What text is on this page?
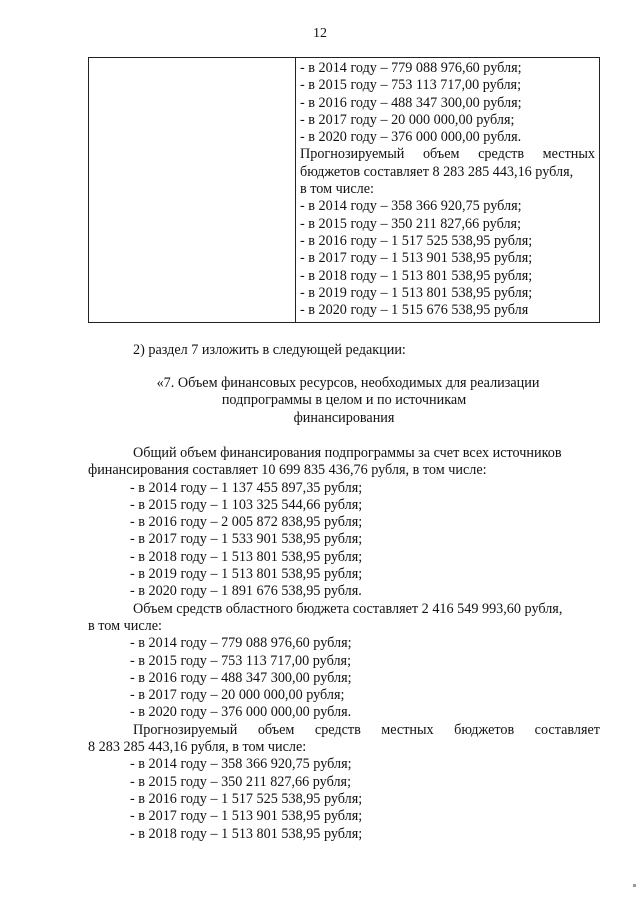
12

- в 2014 году – 779 088 976,60 рубля;
- в 2015 году – 753 113 717,00 рубля;
- в 2016 году – 488 347 300,00 рубля;
- в 2017 году – 20 000 000,00 рубля;
- в 2020 году – 376 000 000,00 рубля.
Прогнозируемый объем средств местных
бюджетов составляет 8 283 285 443,16 рубля,
в том числе:
- в 2014 году – 358 366 920,75 рубля;
- в 2015 году – 350 211 827,66 рубля;
- в 2016 году – 1 517 525 538,95 рубля;
- в 2017 году – 1 513 901 538,95 рубля;
- в 2018 году – 1 513 801 538,95 рубля;
- в 2019 году – 1 513 801 538,95 рубля;
- в 2020 году – 1 515 676 538,95 рубля
2) раздел 7 изложить в следующей редакции:
«7. Объем финансовых ресурсов, необходимых для реализации
подпрограммы в целом и по источникам
финансирования
Общий объем финансирования подпрограммы за счет всех источников
финансирования составляет 10 699 835 436,76 рубля, в том числе:
- в 2014 году – 1 137 455 897,35 рубля;
- в 2015 году – 1 103 325 544,66 рубля;
- в 2016 году – 2 005 872 838,95 рубля;
- в 2017 году – 1 533 901 538,95 рубля;
- в 2018 году – 1 513 801 538,95 рубля;
- в 2019 году – 1 513 801 538,95 рубля;
- в 2020 году – 1 891 676 538,95 рубля.
Объем средств областного бюджета составляет 2 416 549 993,60 рубля,
в том числе:
- в 2014 году – 779 088 976,60 рубля;
- в 2015 году – 753 113 717,00 рубля;
- в 2016 году – 488 347 300,00 рубля;
- в 2017 году – 20 000 000,00 рубля;
- в 2020 году – 376 000 000,00 рубля.
Прогнозируемый объем средств местных бюджетов составляет
8 283 285 443,16 рубля, в том числе:
- в 2014 году – 358 366 920,75 рубля;
- в 2015 году – 350 211 827,66 рубля;
- в 2016 году – 1 517 525 538,95 рубля;
- в 2017 году – 1 513 901 538,95 рубля;
- в 2018 году – 1 513 801 538,95 рубля;
